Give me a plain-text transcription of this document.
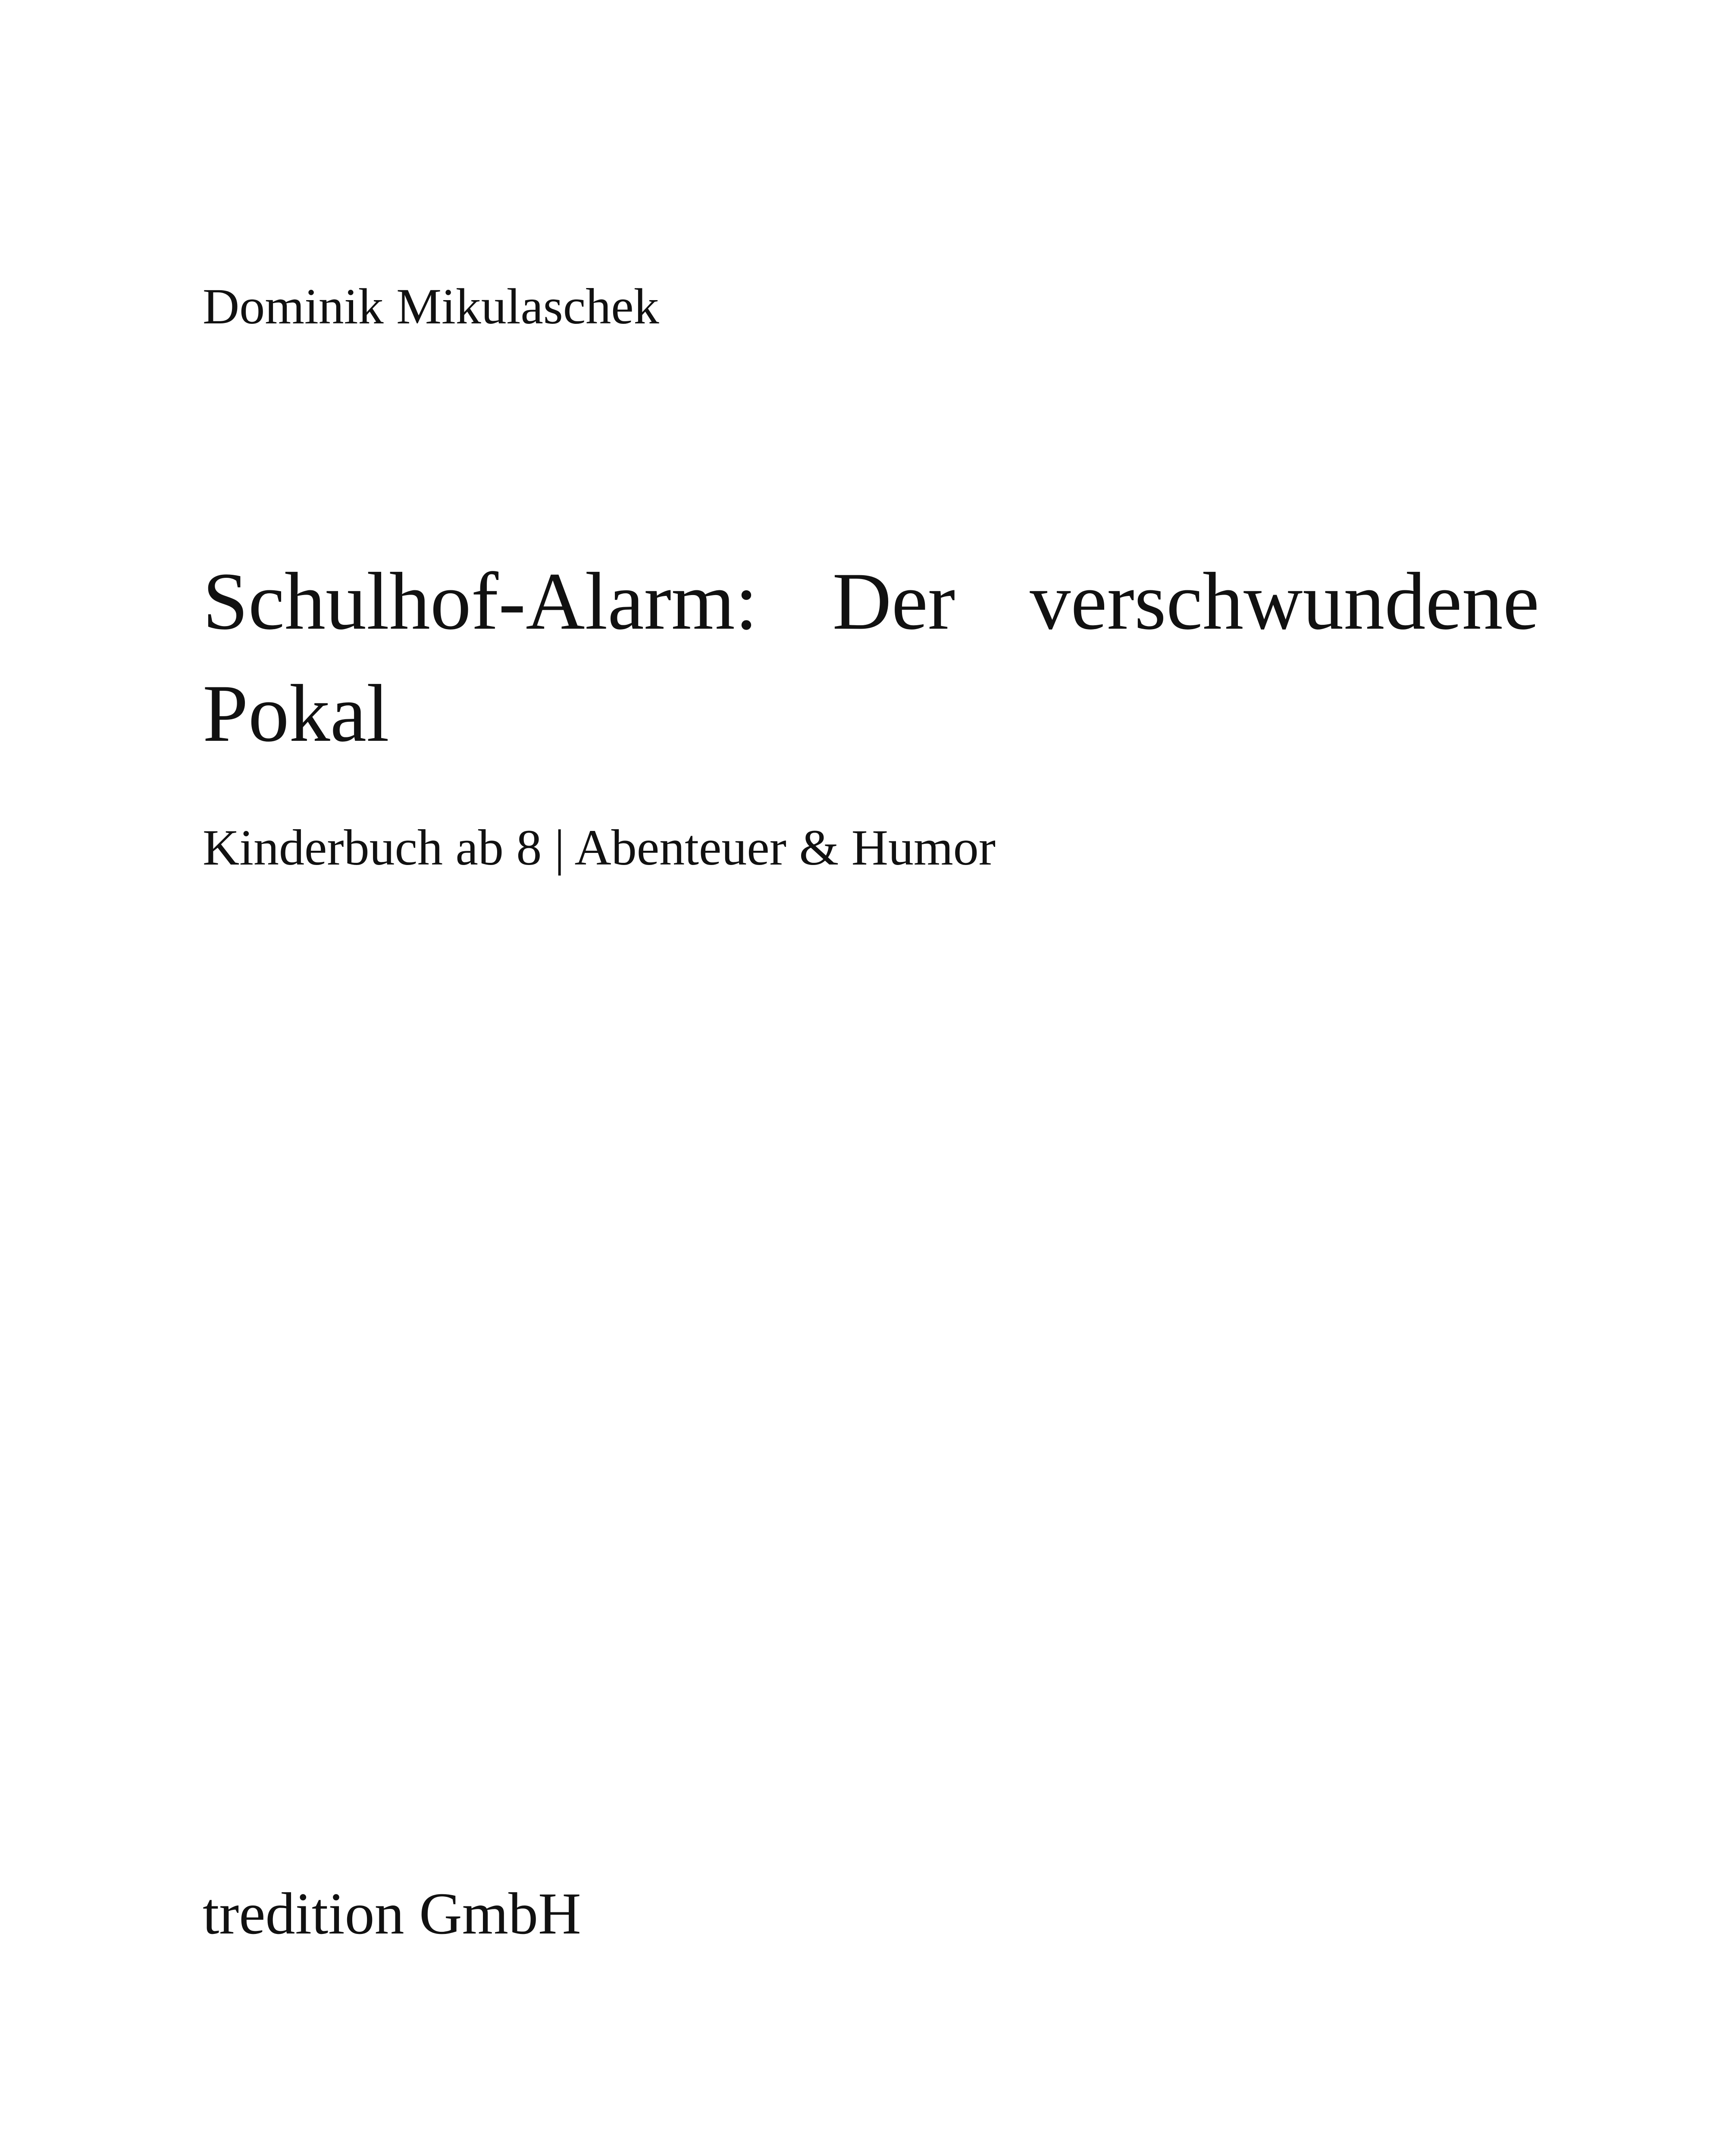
Dominik Mikulaschek
Schulhof-Alarm: Der verschwundene Pokal
Kinderbuch ab 8 | Abenteuer & Humor
tredition GmbH
